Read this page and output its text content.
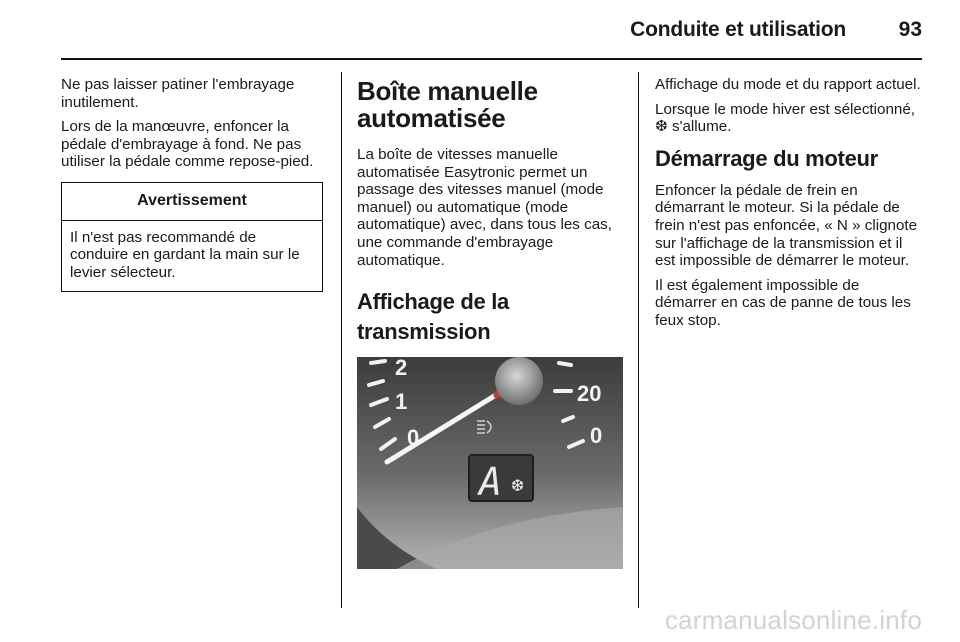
Conduite et utilisation	93

Ne pas laisser patiner l'embrayage inutilement.

Lors de la manœuvre, enfoncer la pédale d'embrayage à fond. Ne pas utiliser la pédale comme repose-pied.

Avertissement
Il n'est pas recommandé de conduire en gardant la main sur le levier sélecteur.
Boîte manuelle automatisée

La boîte de vitesses manuelle automatisée Easytronic permet un passage des vitesses manuel (mode manuel) ou automatique (mode automatique) avec, dans tous les cas, une commande d'embrayage automatique.

Affichage de la transmission
2
1
0
20
0
A ❆

Affichage du mode et du rapport actuel.

Lorsque le mode hiver est sélectionné, ❆ s'allume.

Démarrage du moteur

Enfoncer la pédale de frein en démarrant le moteur. Si la pédale de frein n'est pas enfoncée, « N » clignote sur l'affichage de la transmission et il est impossible de démarrer le moteur.

Il est également impossible de démarrer en cas de panne de tous les feux stop.

carmanualsonline.info
